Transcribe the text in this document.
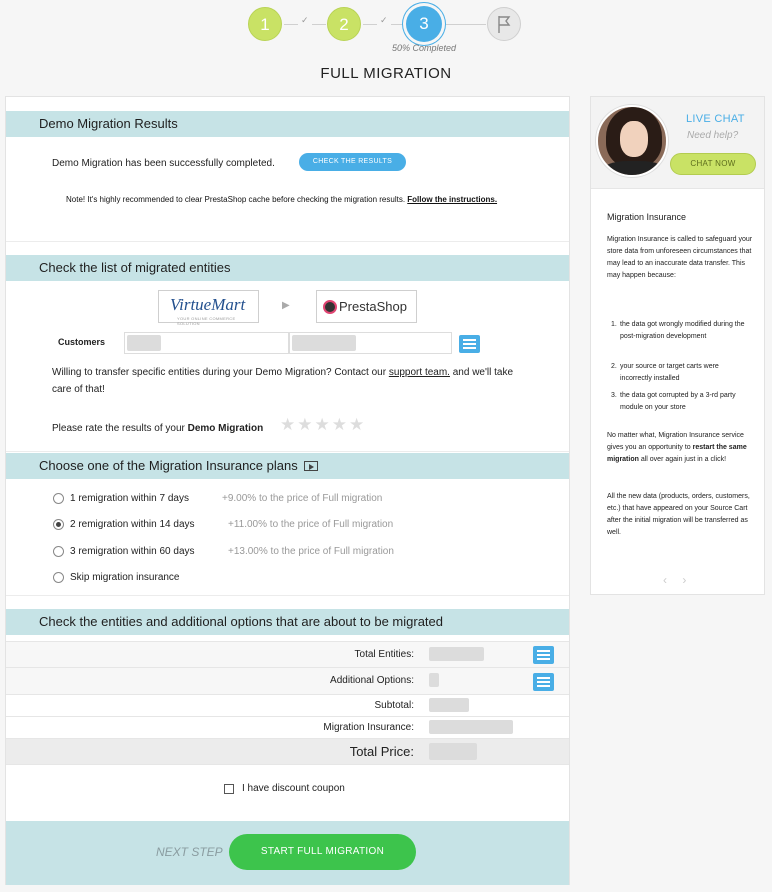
1	✓	2	✓	3
50% Completed
FULL MIGRATION
Demo Migration Results
Demo Migration has been successfully completed.	CHECK THE RESULTS
Note! It's highly recommended to clear PrestaShop cache before checking the migration results. Follow the instructions.
Check the list of migrated entities
VirtueMart
YOUR ONLINE COMMERCE SOLUTION
▶	PrestaShop
Customers
Willing to transfer specific entities during your Demo Migration? Contact our support team. and we'll take care of that!
Please rate the results of your Demo Migration ★★★★★
Choose one of the Migration Insurance plans
1 remigration within 7 days	+9.00% to the price of Full migration
2 remigration within 14 days	+11.00% to the price of Full migration
3 remigration within 60 days	+13.00% to the price of Full migration
Skip migration insurance
Check the entities and additional options that are about to be migrated
Total Entities:
Additional Options:
Subtotal:
Migration Insurance:
Total Price:
I have discount coupon
NEXT STEP	START FULL MIGRATION
LIVE CHAT
Need help?
CHAT NOW
Migration Insurance
Migration Insurance is called to safeguard your store data from unforeseen circumstances that may lead to an inaccurate data transfer. This may happen because:
1. the data got wrongly modified during the post-migration development
2. your source or target carts were incorrectly installed
3. the data got corrupted by a 3-rd party module on your store
No matter what, Migration Insurance service gives you an opportunity to restart the same migration all over again just in a click!
All the new data (products, orders, customers, etc.) that have appeared on your Source Cart after the initial migration will be transferred as well.
‹ ›
